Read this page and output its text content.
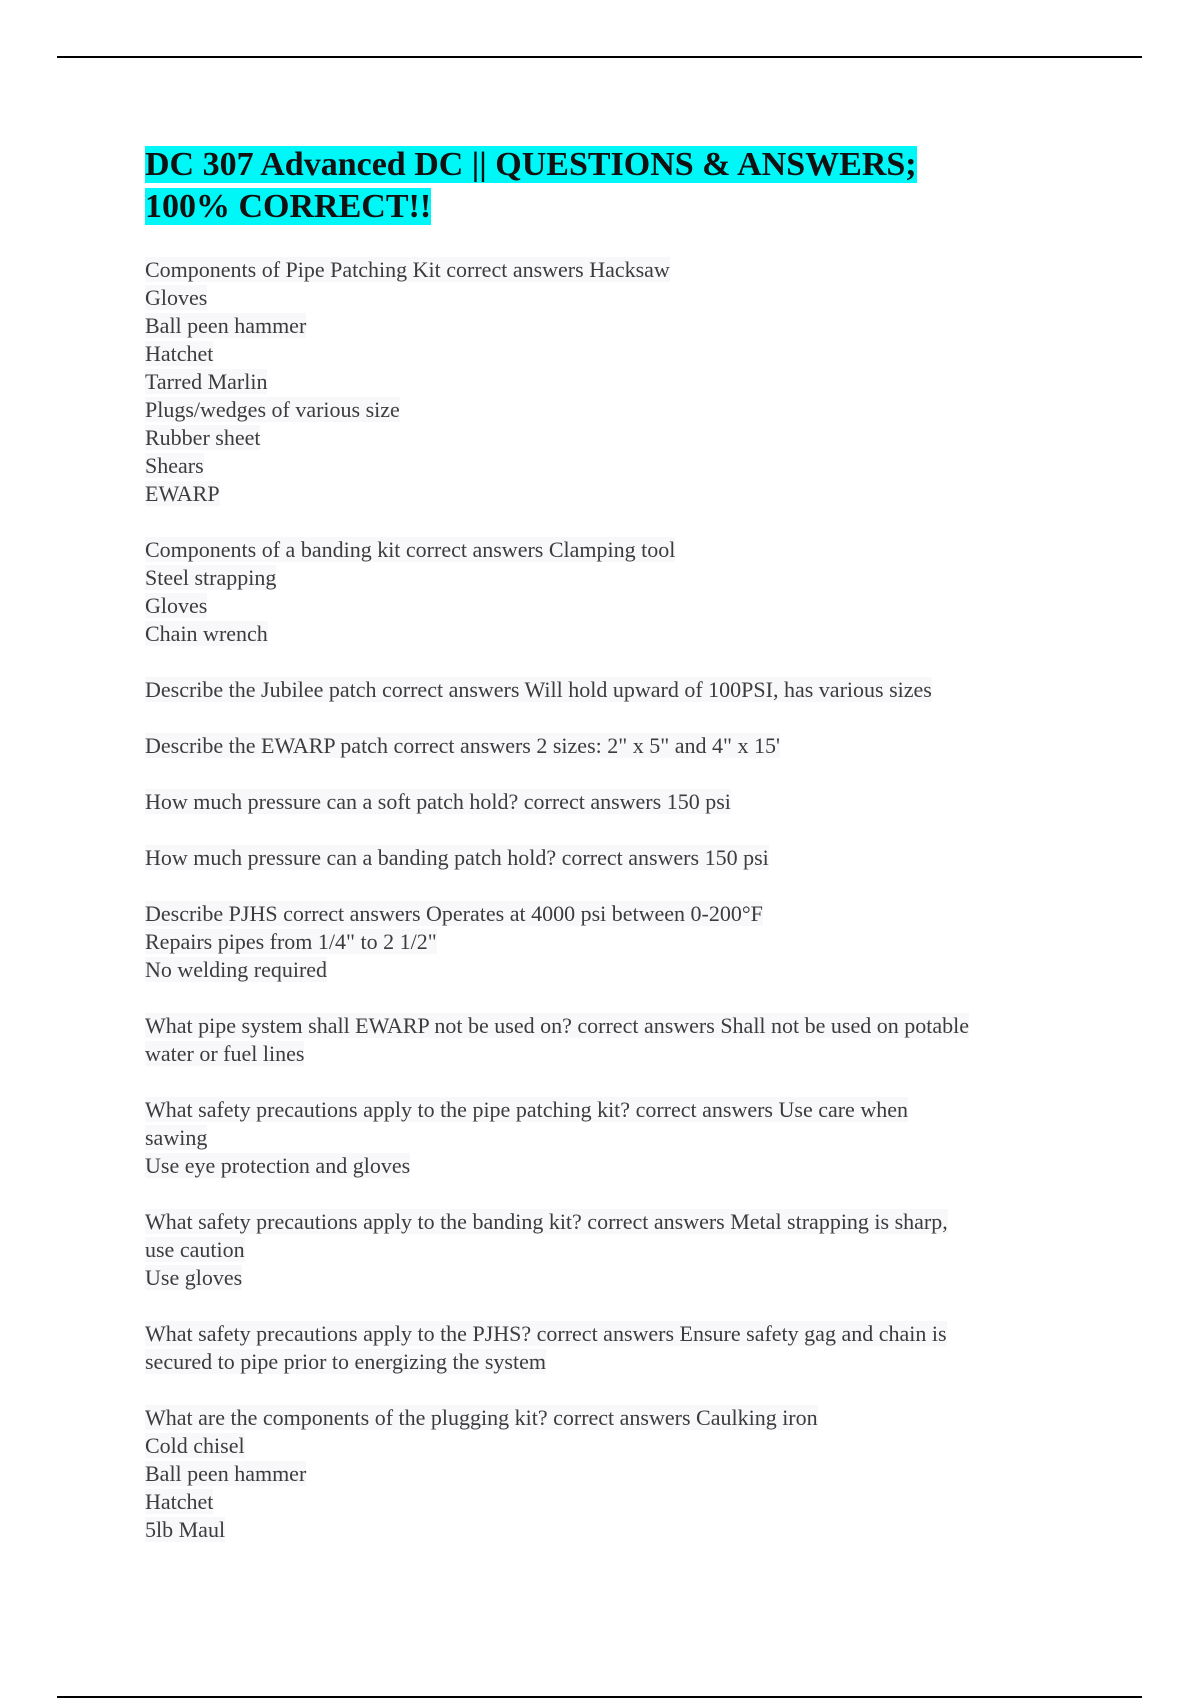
DC 307 Advanced DC || QUESTIONS & ANSWERS;
100% CORRECT!!
Components of Pipe Patching Kit correct answers Hacksaw
Gloves
Ball peen hammer
Hatchet
Tarred Marlin
Plugs/wedges of various size
Rubber sheet
Shears
EWARP
Components of a banding kit correct answers Clamping tool
Steel strapping
Gloves
Chain wrench
Describe the Jubilee patch correct answers Will hold upward of 100PSI, has various sizes
Describe the EWARP patch correct answers 2 sizes: 2" x 5" and 4" x 15'
How much pressure can a soft patch hold? correct answers 150 psi
How much pressure can a banding patch hold? correct answers 150 psi
Describe PJHS correct answers Operates at 4000 psi between 0-200°F
Repairs pipes from 1/4" to 2 1/2"
No welding required
What pipe system shall EWARP not be used on? correct answers Shall not be used on potable
water or fuel lines
What safety precautions apply to the pipe patching kit? correct answers Use care when
sawing
Use eye protection and gloves
What safety precautions apply to the banding kit? correct answers Metal strapping is sharp,
use caution
Use gloves
What safety precautions apply to the PJHS? correct answers Ensure safety gag and chain is
secured to pipe prior to energizing the system
What are the components of the plugging kit? correct answers Caulking iron
Cold chisel
Ball peen hammer
Hatchet
5lb Maul
